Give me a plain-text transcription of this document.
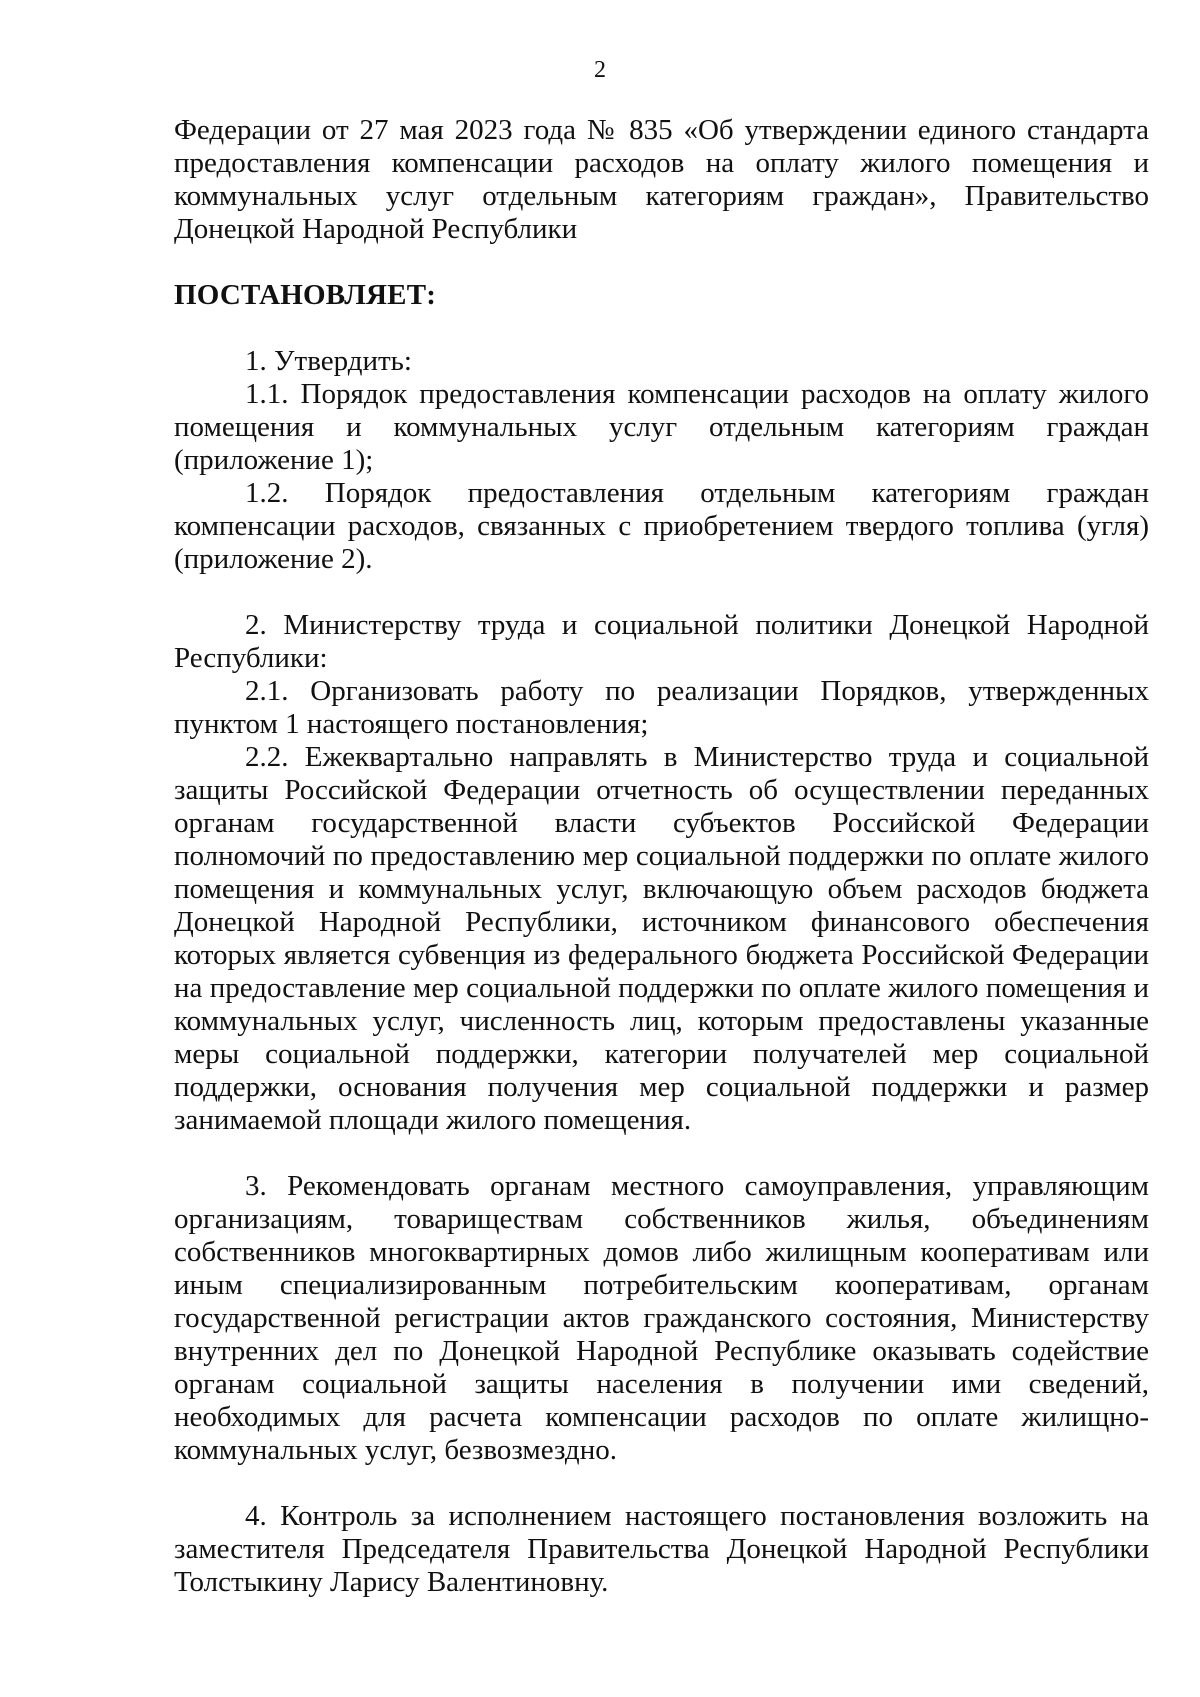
2

Федерации от 27 мая 2023 года № 835 «Об утверждении единого стандарта предоставления компенсации расходов на оплату жилого помещения и коммунальных услуг отдельным категориям граждан», Правительство Донецкой Народной Республики

ПОСТАНОВЛЯЕТ:

1. Утвердить:

1.1. Порядок предоставления компенсации расходов на оплату жилого помещения и коммунальных услуг отдельным категориям граждан (приложение 1);

1.2. Порядок предоставления отдельным категориям граждан компенсации расходов, связанных с приобретением твердого топлива (угля) (приложение 2).

2. Министерству труда и социальной политики Донецкой Народной Республики:

2.1. Организовать работу по реализации Порядков, утвержденных пунктом 1 настоящего постановления;

2.2. Ежеквартально направлять в Министерство труда и социальной защиты Российской Федерации отчетность об осуществлении переданных органам государственной власти субъектов Российской Федерации полномочий по предоставлению мер социальной поддержки по оплате жилого помещения и коммунальных услуг, включающую объем расходов бюджета Донецкой Народной Республики, источником финансового обеспечения которых является субвенция из федерального бюджета Российской Федерации на предоставление мер социальной поддержки по оплате жилого помещения и коммунальных услуг, численность лиц, которым предоставлены указанные меры социальной поддержки, категории получателей мер социальной поддержки, основания получения мер социальной поддержки и размер занимаемой площади жилого помещения.

3. Рекомендовать органам местного самоуправления, управляющим организациям, товариществам собственников жилья, объединениям собственников многоквартирных домов либо жилищным кооперативам или иным специализированным потребительским кооперативам, органам государственной регистрации актов гражданского состояния, Министерству внутренних дел по Донецкой Народной Республике оказывать содействие органам социальной защиты населения в получении ими сведений, необходимых для расчета компенсации расходов по оплате жилищно-коммунальных услуг, безвозмездно.

4. Контроль за исполнением настоящего постановления возложить на заместителя Председателя Правительства Донецкой Народной Республики Толстыкину Ларису Валентиновну.
